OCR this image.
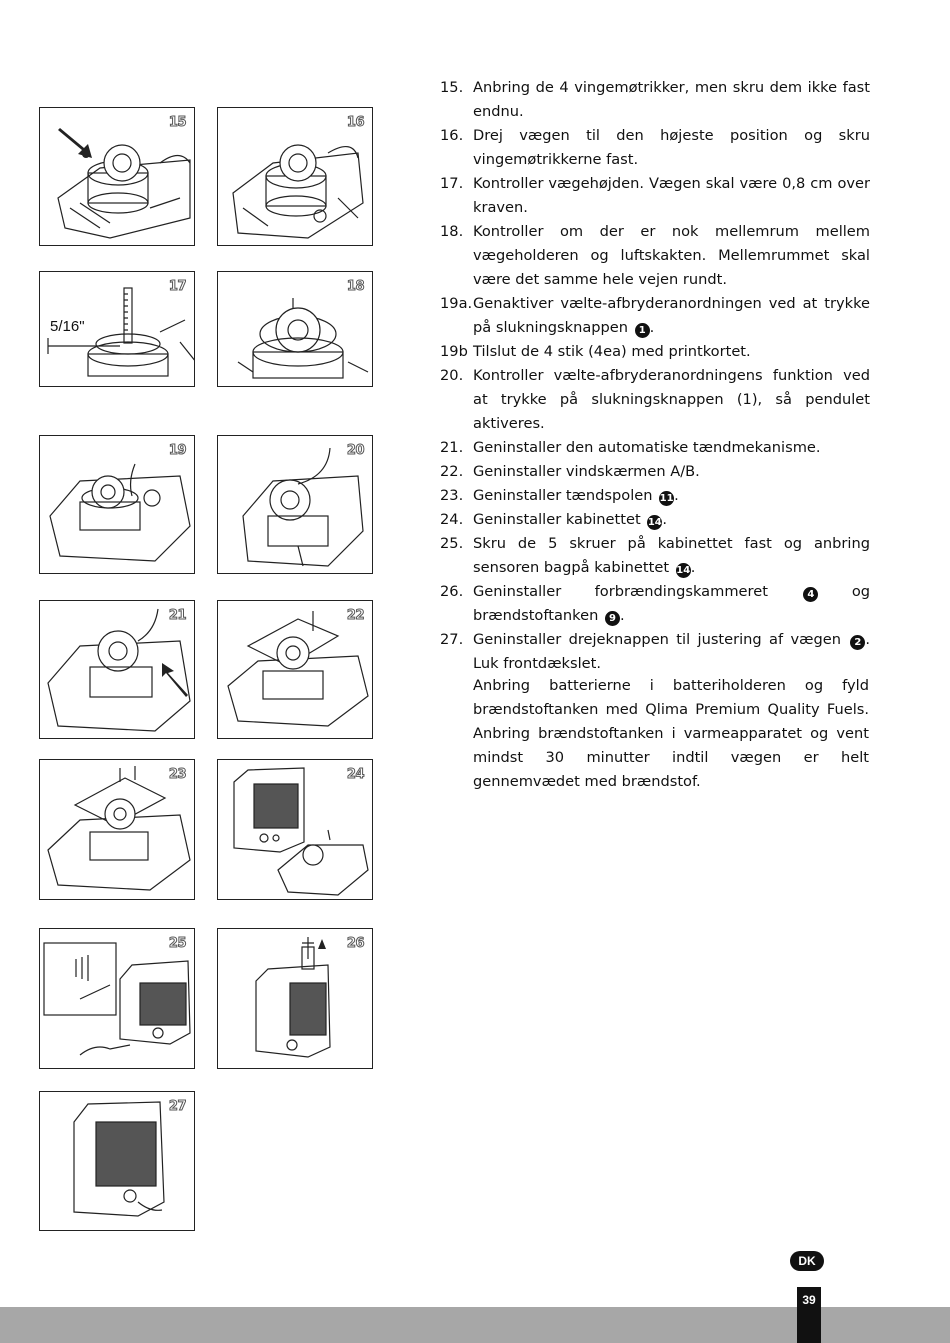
15	16
5/16"
17	18
19	20
21	22
23	24
25	26
27
15. Anbring de 4 vingemøtrikker, men skru dem ikke fast endnu.
16. Drej vægen til den højeste position og skru vingemøtrikkerne fast.
17. Kontroller vægehøjden. Vægen skal være 0,8 cm over kraven.
18. Kontroller om der er nok mellemrum mellem vægeholderen og luftskakten. Mellemrummet skal være det samme hele vejen rundt.
19a. Genaktiver vælte-afbryderanordningen ved at trykke på slukningsknappen 1 .
19b Tilslut de 4 stik (4ea) med printkortet.
20. Kontroller vælte-afbryderanordningens funktion ved at trykke på slukningsknappen (1), så pendulet aktiveres.
21. Geninstaller den automatiske tændmekanisme.
22. Geninstaller vindskærmen A/B.
23. Geninstaller tændspolen 11.
24. Geninstaller kabinettet 14.
25. Skru de 5 skruer på kabinettet fast og anbring sensoren bagpå kabinettet 14.
26. Geninstaller forbrændingskammeret	4	og brændstoftanken 9 .
27. Geninstaller drejeknappen til justering af vægen 2 . Luk frontdækslet.
Anbring batterierne i batteriholderen og fyld brændstoftanken med Qlima Premium Quality Fuels. Anbring brændstoftanken i varmeapparatet og vent mindst 30 minutter indtil vægen er helt gennemvædet med brændstof.
DK
39
